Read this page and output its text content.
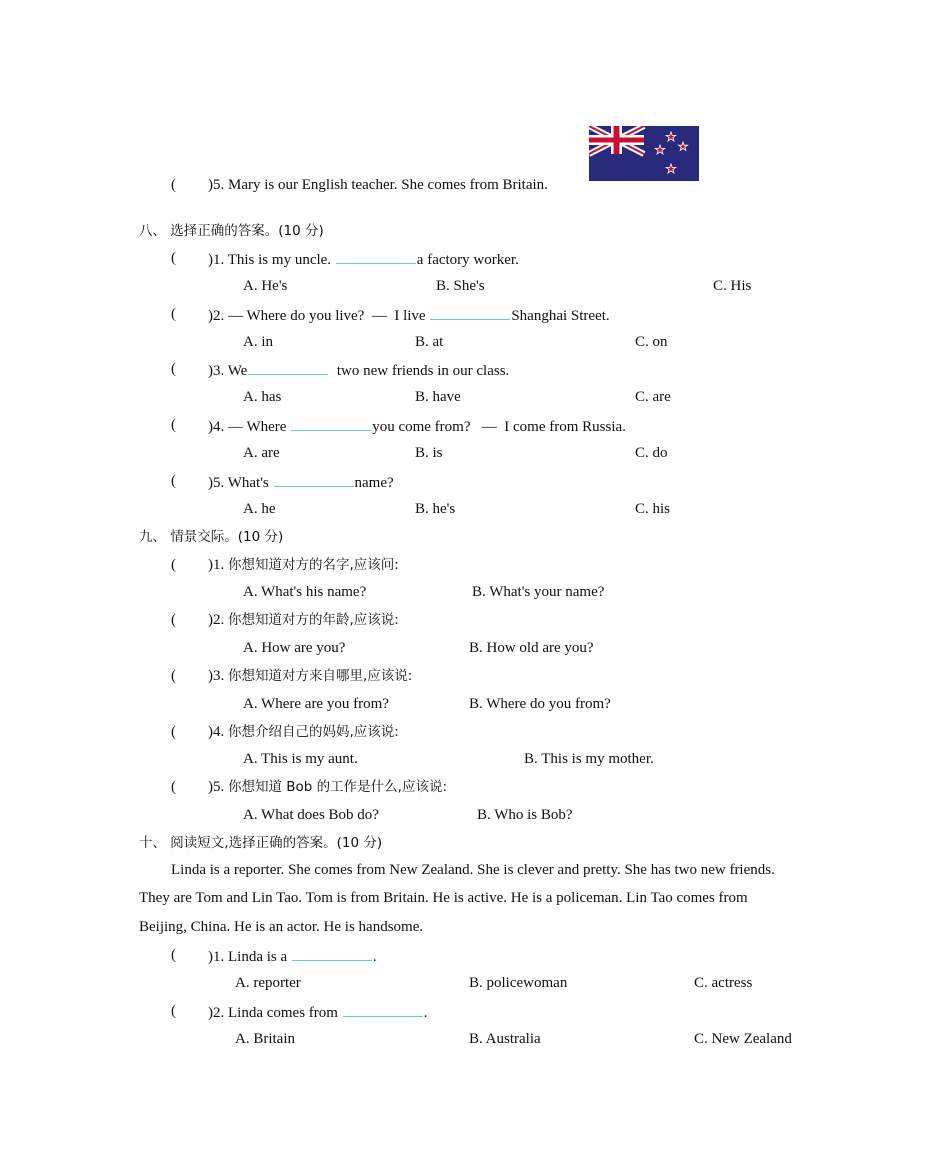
( )5. Mary is our English teacher. She comes from Britain.
八、 选择正确的答案。(10 分)
( )1. This is my uncle.	a factory worker.
A. He's	B. She's	C. His
( )2. — Where do you live?  —  I live	Shanghai Street.
A. in	B. at	C. on
( )3. We	two new friends in our class.
A. has	B. have	C. are
( )4. — Where	you come from?   —  I come from Russia.
A. are	B. is	C. do
( )5. What's	name?
A. he	B. he's	C. his
九、 情景交际。(10 分)
( )1. 你想知道对方的名字,应该问:
A. What's his name?	B. What's your name?
( )2. 你想知道对方的年龄,应该说:
A. How are you?	B. How old are you?
( )3. 你想知道对方来自哪里,应该说:
A. Where are you from?	B. Where do you from?
( )4. 你想介绍自己的妈妈,应该说:
A. This is my aunt.	B. This is my mother.
( )5. 你想知道 Bob 的工作是什么,应该说:
A. What does Bob do?	B. Who is Bob?
十、 阅读短文,选择正确的答案。(10 分)
Linda is a reporter. She comes from New Zealand. She is clever and pretty. She has two new friends. They are Tom and Lin Tao. Tom is from Britain. He is active. He is a policeman. Lin Tao comes from Beijing, China. He is an actor. He is handsome.
( )1. Linda is a	.
A. reporter	B. policewoman	C. actress
( )2. Linda comes from	.
A. Britain	B. Australia	C. New Zealand
